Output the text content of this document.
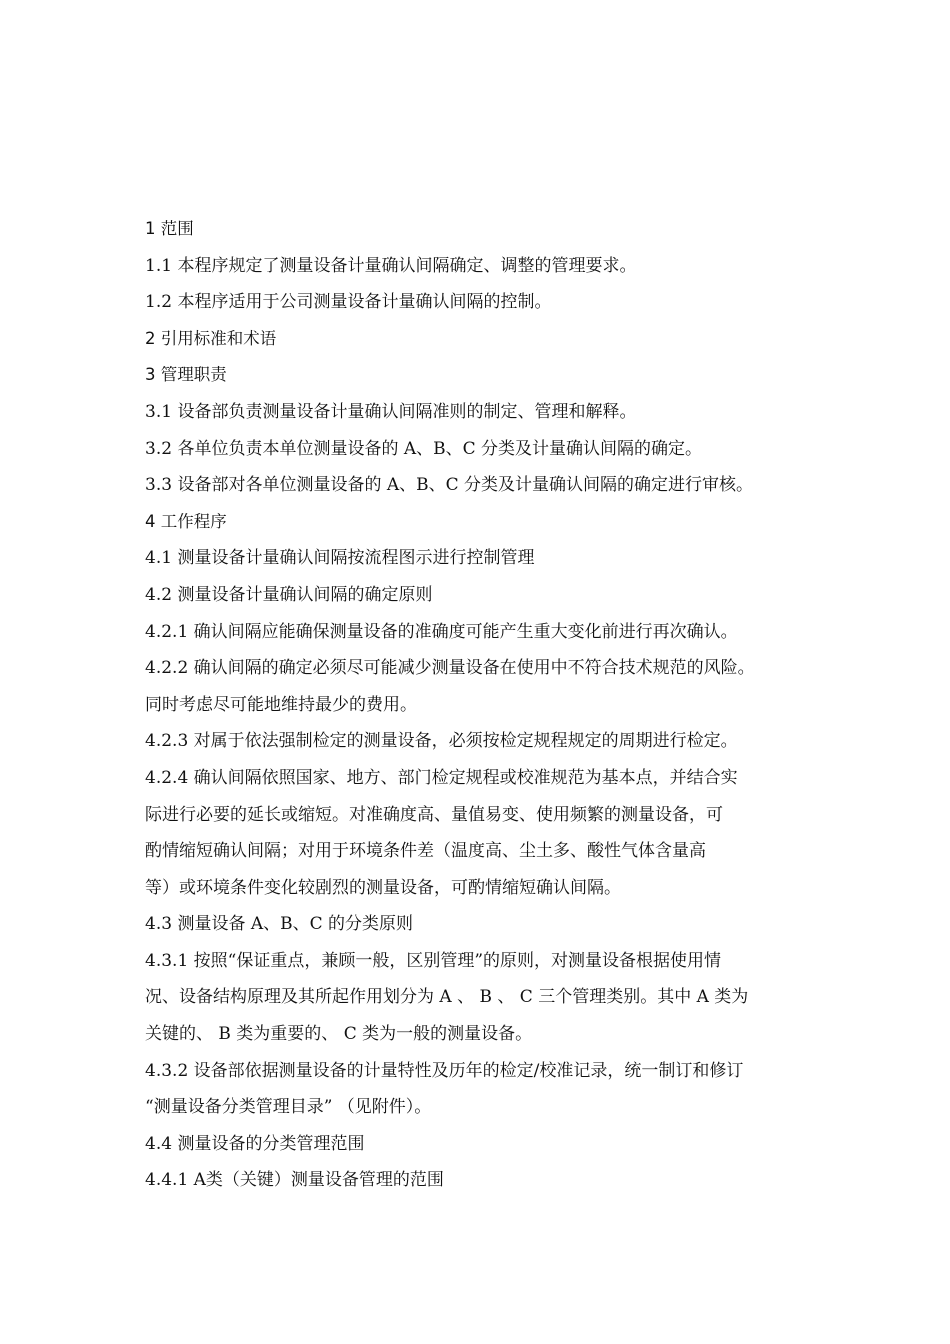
1 范围

1.1 本程序规定了测量设备计量确认间隔确定、调整的管理要求。

1.2 本程序适用于公司测量设备计量确认间隔的控制。

2 引用标准和术语

3 管理职责

3.1 设备部负责测量设备计量确认间隔准则的制定、管理和解释。

3.2 各单位负责本单位测量设备的 A、B、C 分类及计量确认间隔的确定。

3.3 设备部对各单位测量设备的 A、B、C 分类及计量确认间隔的确定进行审核。

4 工作程序

4.1 测量设备计量确认间隔按流程图示进行控制管理

4.2 测量设备计量确认间隔的确定原则

4.2.1 确认间隔应能确保测量设备的准确度可能产生重大变化前进行再次确认。

4.2.2 确认间隔的确定必须尽可能减少测量设备在使用中不符合技术规范的风险。

同时考虑尽可能地维持最少的费用。

4.2.3 对属于依法强制检定的测量设备，必须按检定规程规定的周期进行检定。

4.2.4 确认间隔依照国家、地方、部门检定规程或校准规范为基本点，并结合实

际进行必要的延长或缩短。对准确度高、量值易变、使用频繁的测量设备，可

酌情缩短确认间隔；对用于环境条件差（温度高、尘土多、酸性气体含量高

等）或环境条件变化较剧烈的测量设备，可酌情缩短确认间隔。

4.3 测量设备 A、B、C 的分类原则

4.3.1 按照“保证重点，兼顾一般，区别管理”的原则，对测量设备根据使用情

况、设备结构原理及其所起作用划分为 A 、 B 、 C 三个管理类别。其中 A 类为

关键的、 B 类为重要的、 C 类为一般的测量设备。

4.3.2 设备部依据测量设备的计量特性及历年的检定/校准记录，统一制订和修订

“测量设备分类管理目录” （见附件）。

4.4 测量设备的分类管理范围

4.4.1 A类（关键）测量设备管理的范围
